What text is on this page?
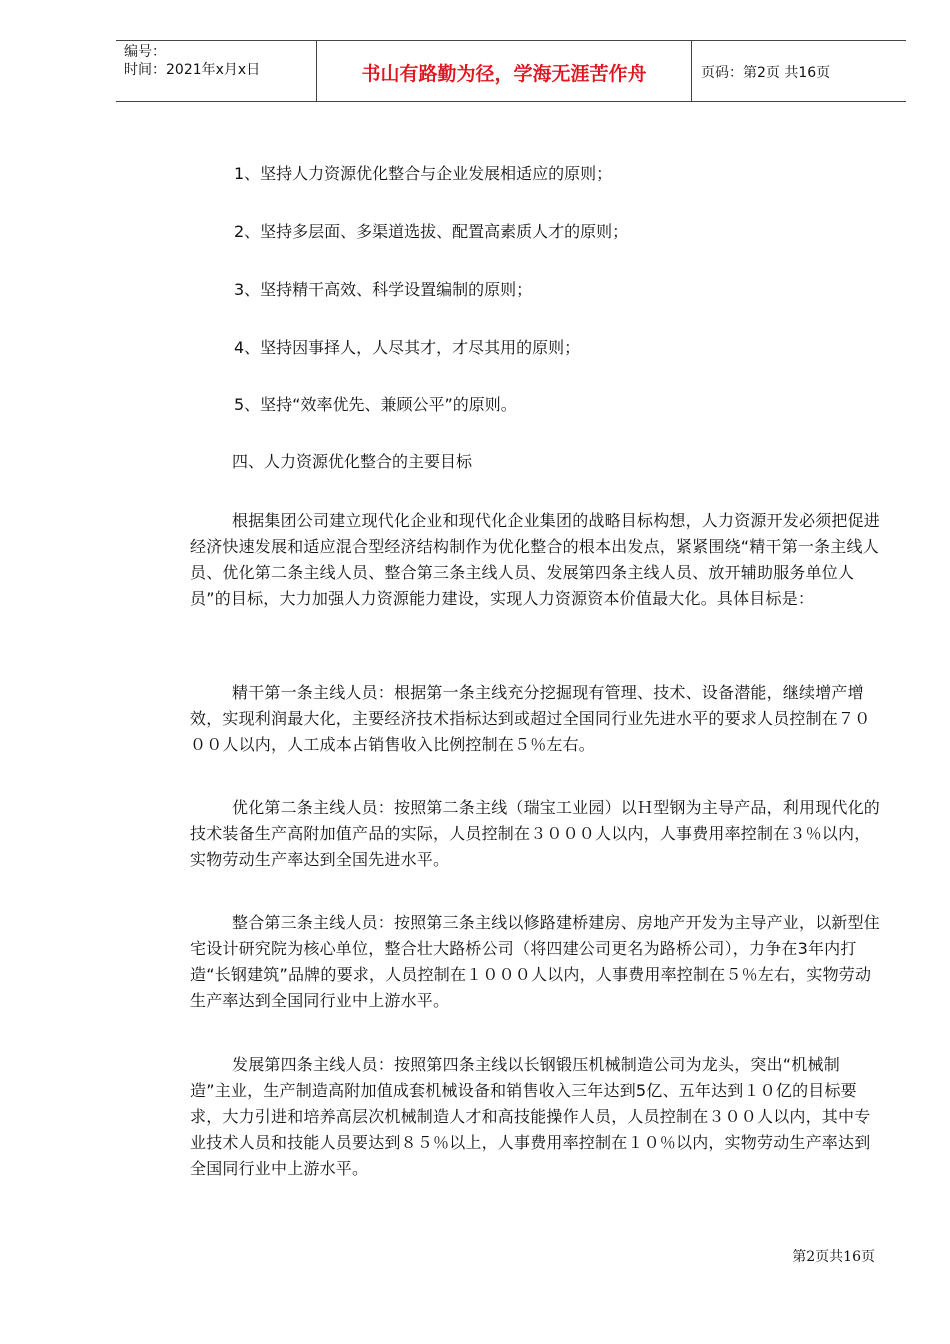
编号：
时间：2021年x月x日	书山有路勤为径，学海无涯苦作舟	页码：第2页 共16页
1、坚持人力资源优化整合与企业发展相适应的原则；
2、坚持多层面、多渠道选拔、配置高素质人才的原则；
3、坚持精干高效、科学设置编制的原则；
4、坚持因事择人，人尽其才，才尽其用的原则；
5、坚持“效率优先、兼顾公平”的原则。
四、人力资源优化整合的主要目标
根据集团公司建立现代化企业和现代化企业集团的战略目标构想，人力资源开发必须把促进经济快速发展和适应混合型经济结构制作为优化整合的根本出发点，紧紧围绕“精干第一条主线人员、优化第二条主线人员、整合第三条主线人员、发展第四条主线人员、放开辅助服务单位人员”的目标，大力加强人力资源能力建设，实现人力资源资本价值最大化。具体目标是：
精干第一条主线人员：根据第一条主线充分挖掘现有管理、技术、设备潜能，继续增产增效，实现利润最大化，主要经济技术指标达到或超过全国同行业先进水平的要求人员控制在７０００人以内，人工成本占销售收入比例控制在５％左右。
优化第二条主线人员：按照第二条主线（瑞宝工业园）以Ｈ型钢为主导产品，利用现代化的技术装备生产高附加值产品的实际，人员控制在３０００人以内，人事费用率控制在３％以内，实物劳动生产率达到全国先进水平。
整合第三条主线人员：按照第三条主线以修路建桥建房、房地产开发为主导产业，以新型住宅设计研究院为核心单位，整合壮大路桥公司（将四建公司更名为路桥公司），力争在3年内打造“长钢建筑”品牌的要求，人员控制在１０００人以内，人事费用率控制在５％左右，实物劳动生产率达到全国同行业中上游水平。
发展第四条主线人员：按照第四条主线以长钢锻压机械制造公司为龙头，突出“机械制造”主业，生产制造高附加值成套机械设备和销售收入三年达到5亿、五年达到１０亿的目标要求，大力引进和培养高层次机械制造人才和高技能操作人员，人员控制在３００人以内，其中专业技术人员和技能人员要达到８５％以上，人事费用率控制在１０％以内，实物劳动生产率达到全国同行业中上游水平。
第2页共16页
